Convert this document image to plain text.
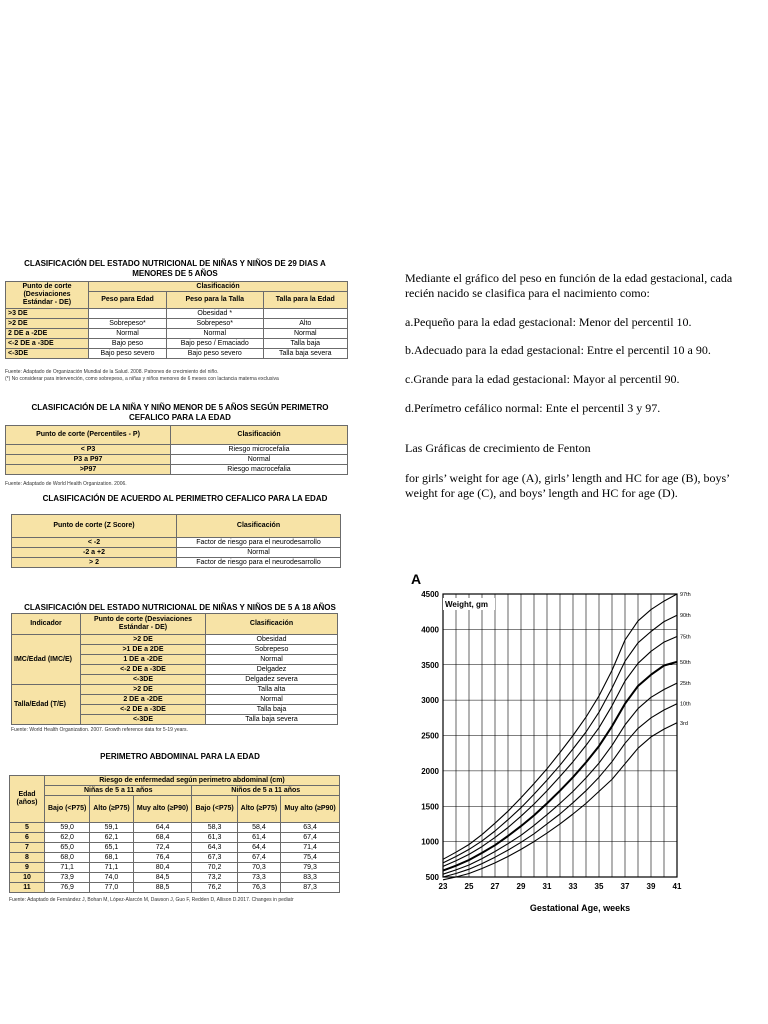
CLASIFICACIÓN DEL ESTADO NUTRICIONAL DE NIÑAS Y NIÑOS DE 29 DIAS A MENORES DE 5 AÑOS
Punto de corte (Desviaciones Estándar - DE)	Clasificación		
	Peso para Edad	Peso para la Talla	Talla para la Edad
>3 DE		Obesidad *	
>2 DE	Sobrepeso*	Sobrepeso*	Alto
2 DE a -2DE	Normal	Normal	Normal
<-2 DE a -3DE	Bajo peso	Bajo peso / Emaciado	Talla baja
<-3DE	Bajo peso severo	Bajo peso severo	Talla baja severa
Fuente: Adaptado de Organización Mundial de la Salud. 2008. Patrones de crecimiento del niño.
(*) No considerar para intervención, como sobrepeso, a niñas y niños menores de 6 meses con lactancia materna exclusiva
CLASIFICACIÓN DE LA NIÑA Y NIÑO MENOR DE 5 AÑOS SEGÚN PERIMETRO CEFALICO PARA LA EDAD
Punto de corte (Percentiles - P)	Clasificación
< P3	Riesgo microcefalia
P3 a P97	Normal
>P97	Riesgo macrocefalia
Fuente: Adaptado de World Health Organization. 2006.
CLASIFICACIÓN DE ACUERDO AL PERIMETRO CEFALICO PARA LA EDAD
Punto de corte (Z Score)	Clasificación
< -2	Factor de riesgo para el neurodesarrollo
-2 a +2	Normal
> 2	Factor de riesgo para el neurodesarrollo
CLASIFICACIÓN DEL ESTADO NUTRICIONAL DE NIÑAS Y NIÑOS DE 5 A 18 AÑOS
Indicador	Punto de corte (Desviaciones Estándar - DE)	Clasificación
IMC/Edad (IMC/E)	>2 DE	Obesidad
	>1 DE a 2DE	Sobrepeso
	1 DE a -2DE	Normal
	<-2 DE a -3DE	Delgadez
	<-3DE	Delgadez severa
Talla/Edad (T/E)	>2 DE	Talla alta
	2 DE a -2DE	Normal
	<-2 DE a -3DE	Talla baja
	<-3DE	Talla baja severa
Fuente: World Health Organization. 2007. Growth reference data for 5-19 years.
PERIMETRO ABDOMINAL PARA LA EDAD
Edad (años)	Riesgo de enfermedad según perimetro abdominal (cm)					
	Niñas de 5 a 11 años			Niños de 5 a 11 años		
	Bajo (<P75)	Alto (≥P75)	Muy alto (≥P90)	Bajo (<P75)	Alto (≥P75)	Muy alto (≥P90)
5	59,0	59,1	64,4	58,3	58,4	63,4
6	62,0	62,1	68,4	61,3	61,4	67,4
7	65,0	65,1	72,4	64,3	64,4	71,4
8	68,0	68,1	76,4	67,3	67,4	75,4
9	71,1	71,1	80,4	70,2	70,3	79,3
10	73,9	74,0	84,5	73,2	73,3	83,3
11	76,9	77,0	88,5	76,2	76,3	87,3
Fuente: Adaptado de Fernández J, Bohan M, López-Alarcón M, Dawson J, Guo F, Redden D, Allison D.2017. Changes in pediatr
Mediante el gráfico del peso en función de la edad gestacional, cada
recién nacido se clasifica para el nacimiento como:
a.Pequeño para la edad gestacional: Menor del percentil 10.
b.Adecuado para la edad gestacional: Entre el percentil 10 a 90.
c.Grande para la edad gestacional: Mayor al percentil 90.
d.Perímetro cefálico normal: Ente el percentil 3 y 97.
Las Gráficas de crecimiento de Fenton
for girls’ weight for age (A), girls’ length and HC for age (B), boys’
weight for age (C), and boys’ length and HC for age (D).
A
97th
90th
75th
50th
25th
10th
3rd
23 25 27 29 31 33 35 37 39 41
500
1000
1500
2000
2500
3000
3500
4000
4500
Weight, gm
Gestational Age, weeks
